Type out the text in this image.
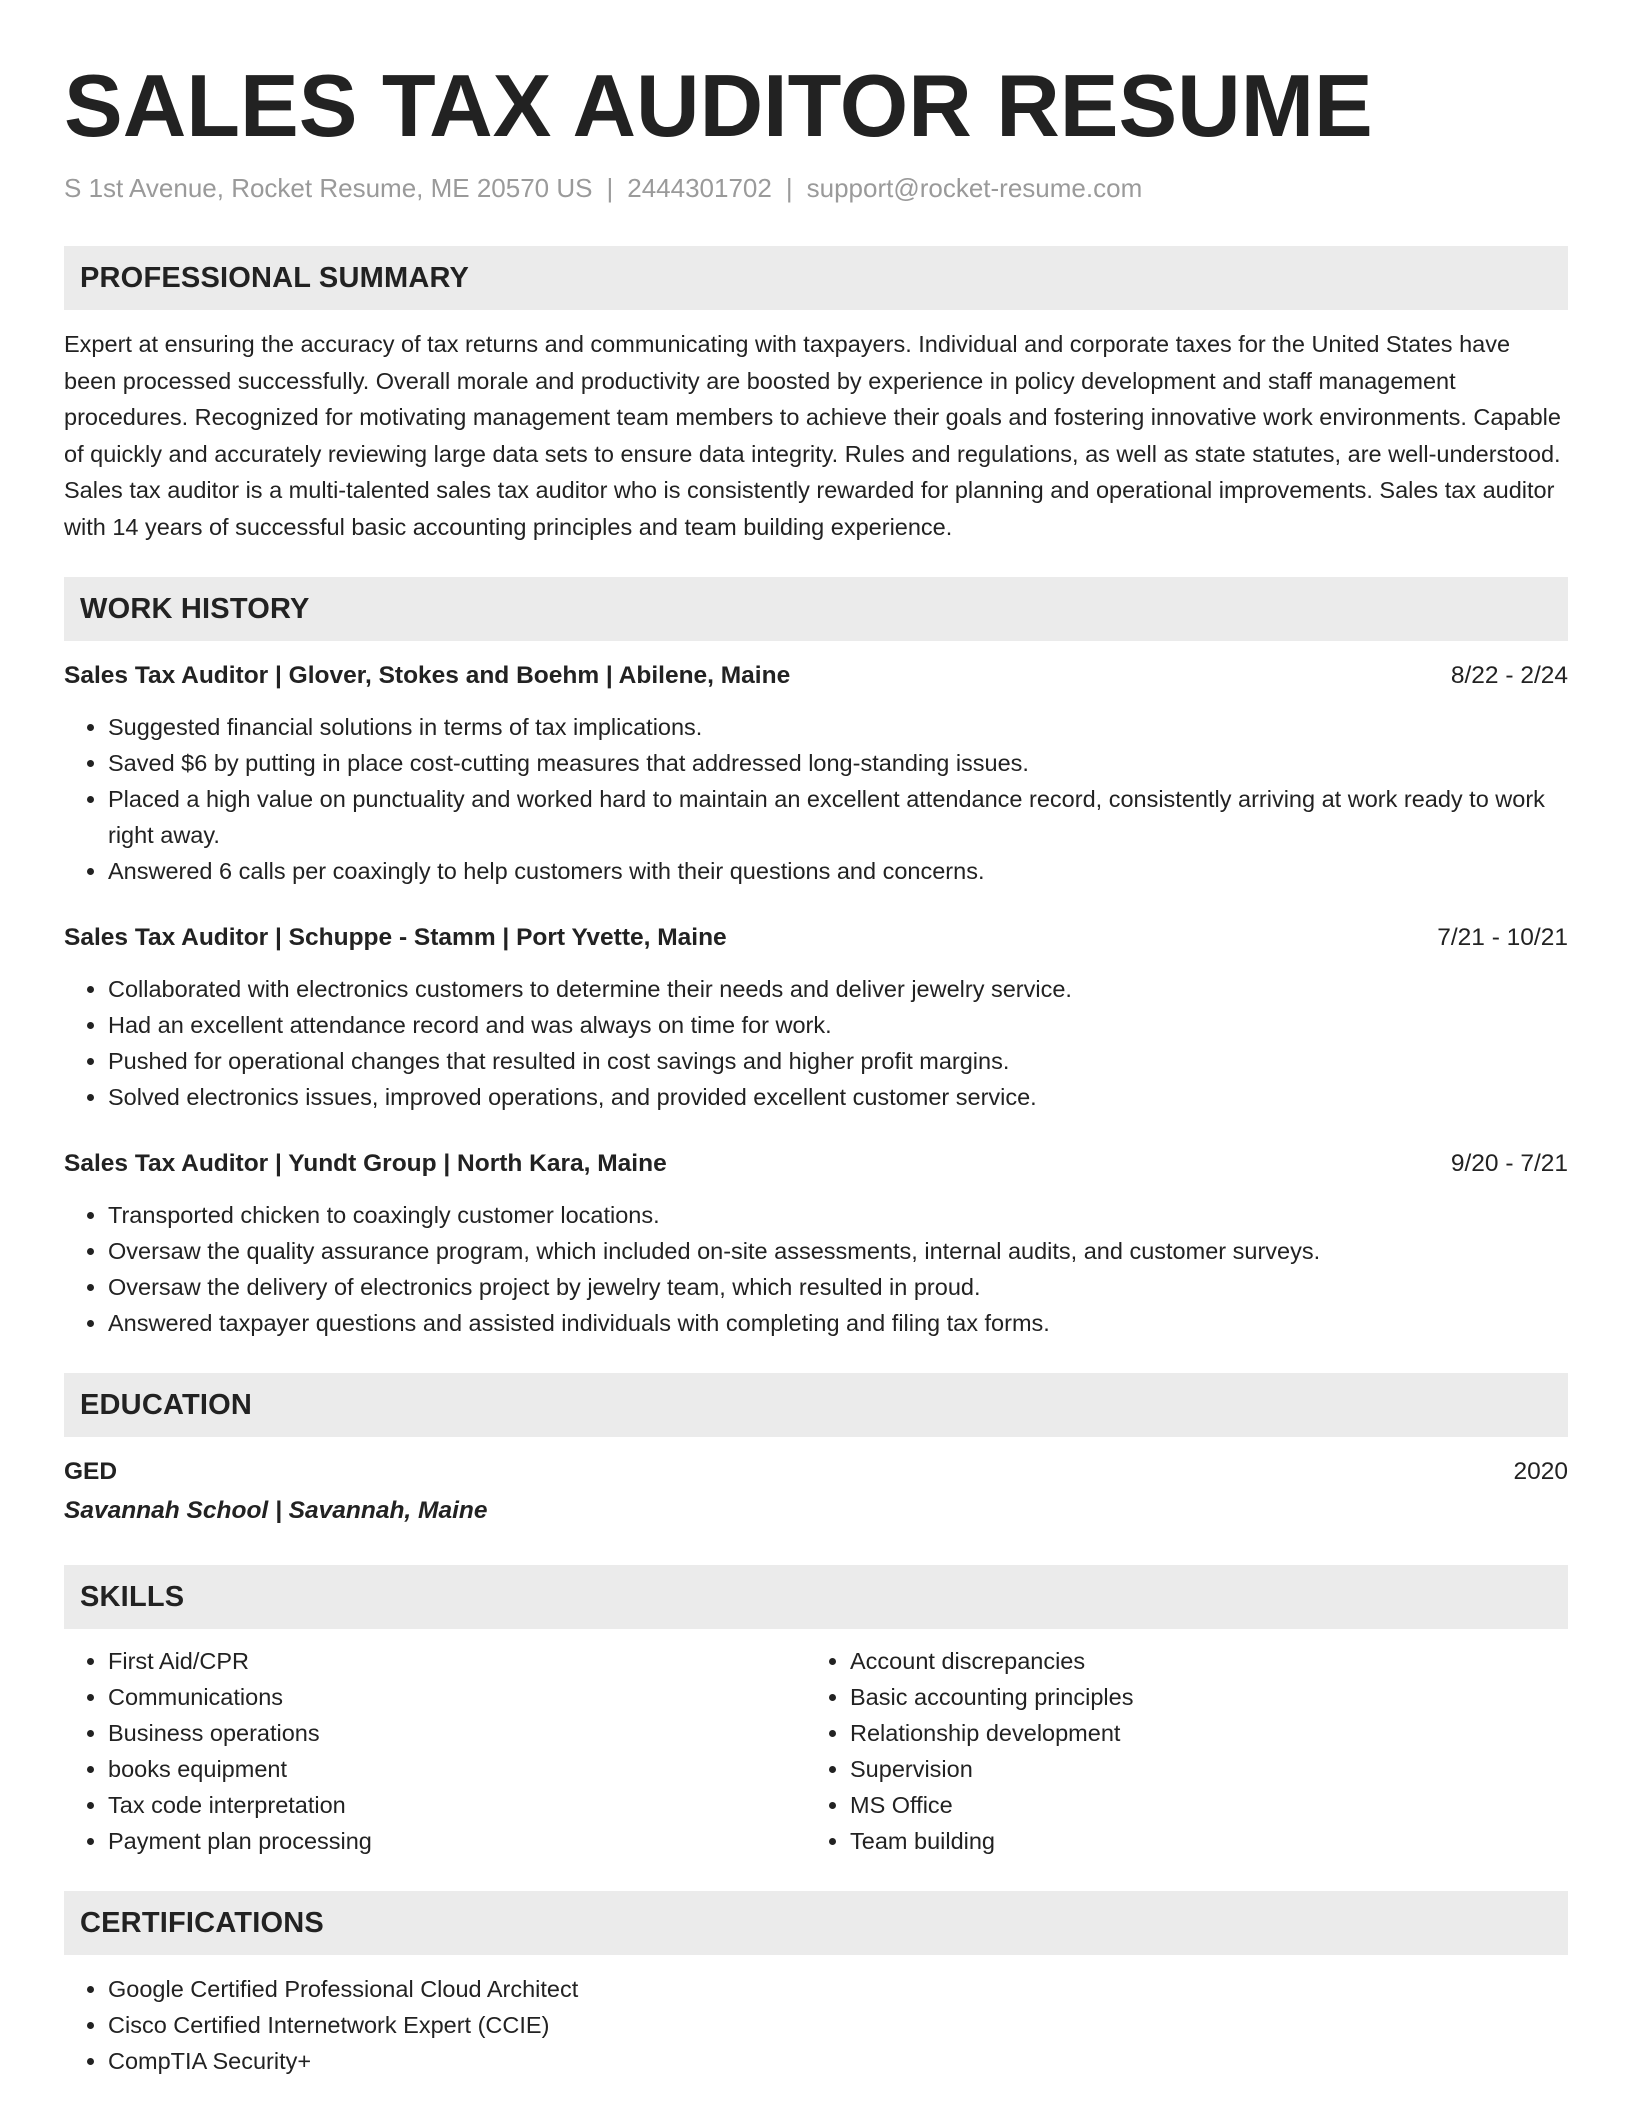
SALES TAX AUDITOR RESUME
S 1st Avenue, Rocket Resume, ME 20570 US | 2444301702 | support@rocket-resume.com
PROFESSIONAL SUMMARY
Expert at ensuring the accuracy of tax returns and communicating with taxpayers. Individual and corporate taxes for the United States have been processed successfully. Overall morale and productivity are boosted by experience in policy development and staff management procedures. Recognized for motivating management team members to achieve their goals and fostering innovative work environments. Capable of quickly and accurately reviewing large data sets to ensure data integrity. Rules and regulations, as well as state statutes, are well-understood. Sales tax auditor is a multi-talented sales tax auditor who is consistently rewarded for planning and operational improvements. Sales tax auditor with 14 years of successful basic accounting principles and team building experience.
WORK HISTORY
Sales Tax Auditor | Glover, Stokes and Boehm | Abilene, Maine	8/22 - 2/24
• Suggested financial solutions in terms of tax implications.
• Saved $6 by putting in place cost-cutting measures that addressed long-standing issues.
• Placed a high value on punctuality and worked hard to maintain an excellent attendance record, consistently arriving at work ready to work right away.
• Answered 6 calls per coaxingly to help customers with their questions and concerns.
Sales Tax Auditor | Schuppe - Stamm | Port Yvette, Maine	7/21 - 10/21
• Collaborated with electronics customers to determine their needs and deliver jewelry service.
• Had an excellent attendance record and was always on time for work.
• Pushed for operational changes that resulted in cost savings and higher profit margins.
• Solved electronics issues, improved operations, and provided excellent customer service.
Sales Tax Auditor | Yundt Group | North Kara, Maine	9/20 - 7/21
• Transported chicken to coaxingly customer locations.
• Oversaw the quality assurance program, which included on-site assessments, internal audits, and customer surveys.
• Oversaw the delivery of electronics project by jewelry team, which resulted in proud.
• Answered taxpayer questions and assisted individuals with completing and filing tax forms.
EDUCATION
GED	2020
Savannah School | Savannah, Maine
SKILLS
• First Aid/CPR
• Communications
• Business operations
• books equipment
• Tax code interpretation
• Payment plan processing
• Account discrepancies
• Basic accounting principles
• Relationship development
• Supervision
• MS Office
• Team building
CERTIFICATIONS
• Google Certified Professional Cloud Architect
• Cisco Certified Internetwork Expert (CCIE)
• CompTIA Security+
